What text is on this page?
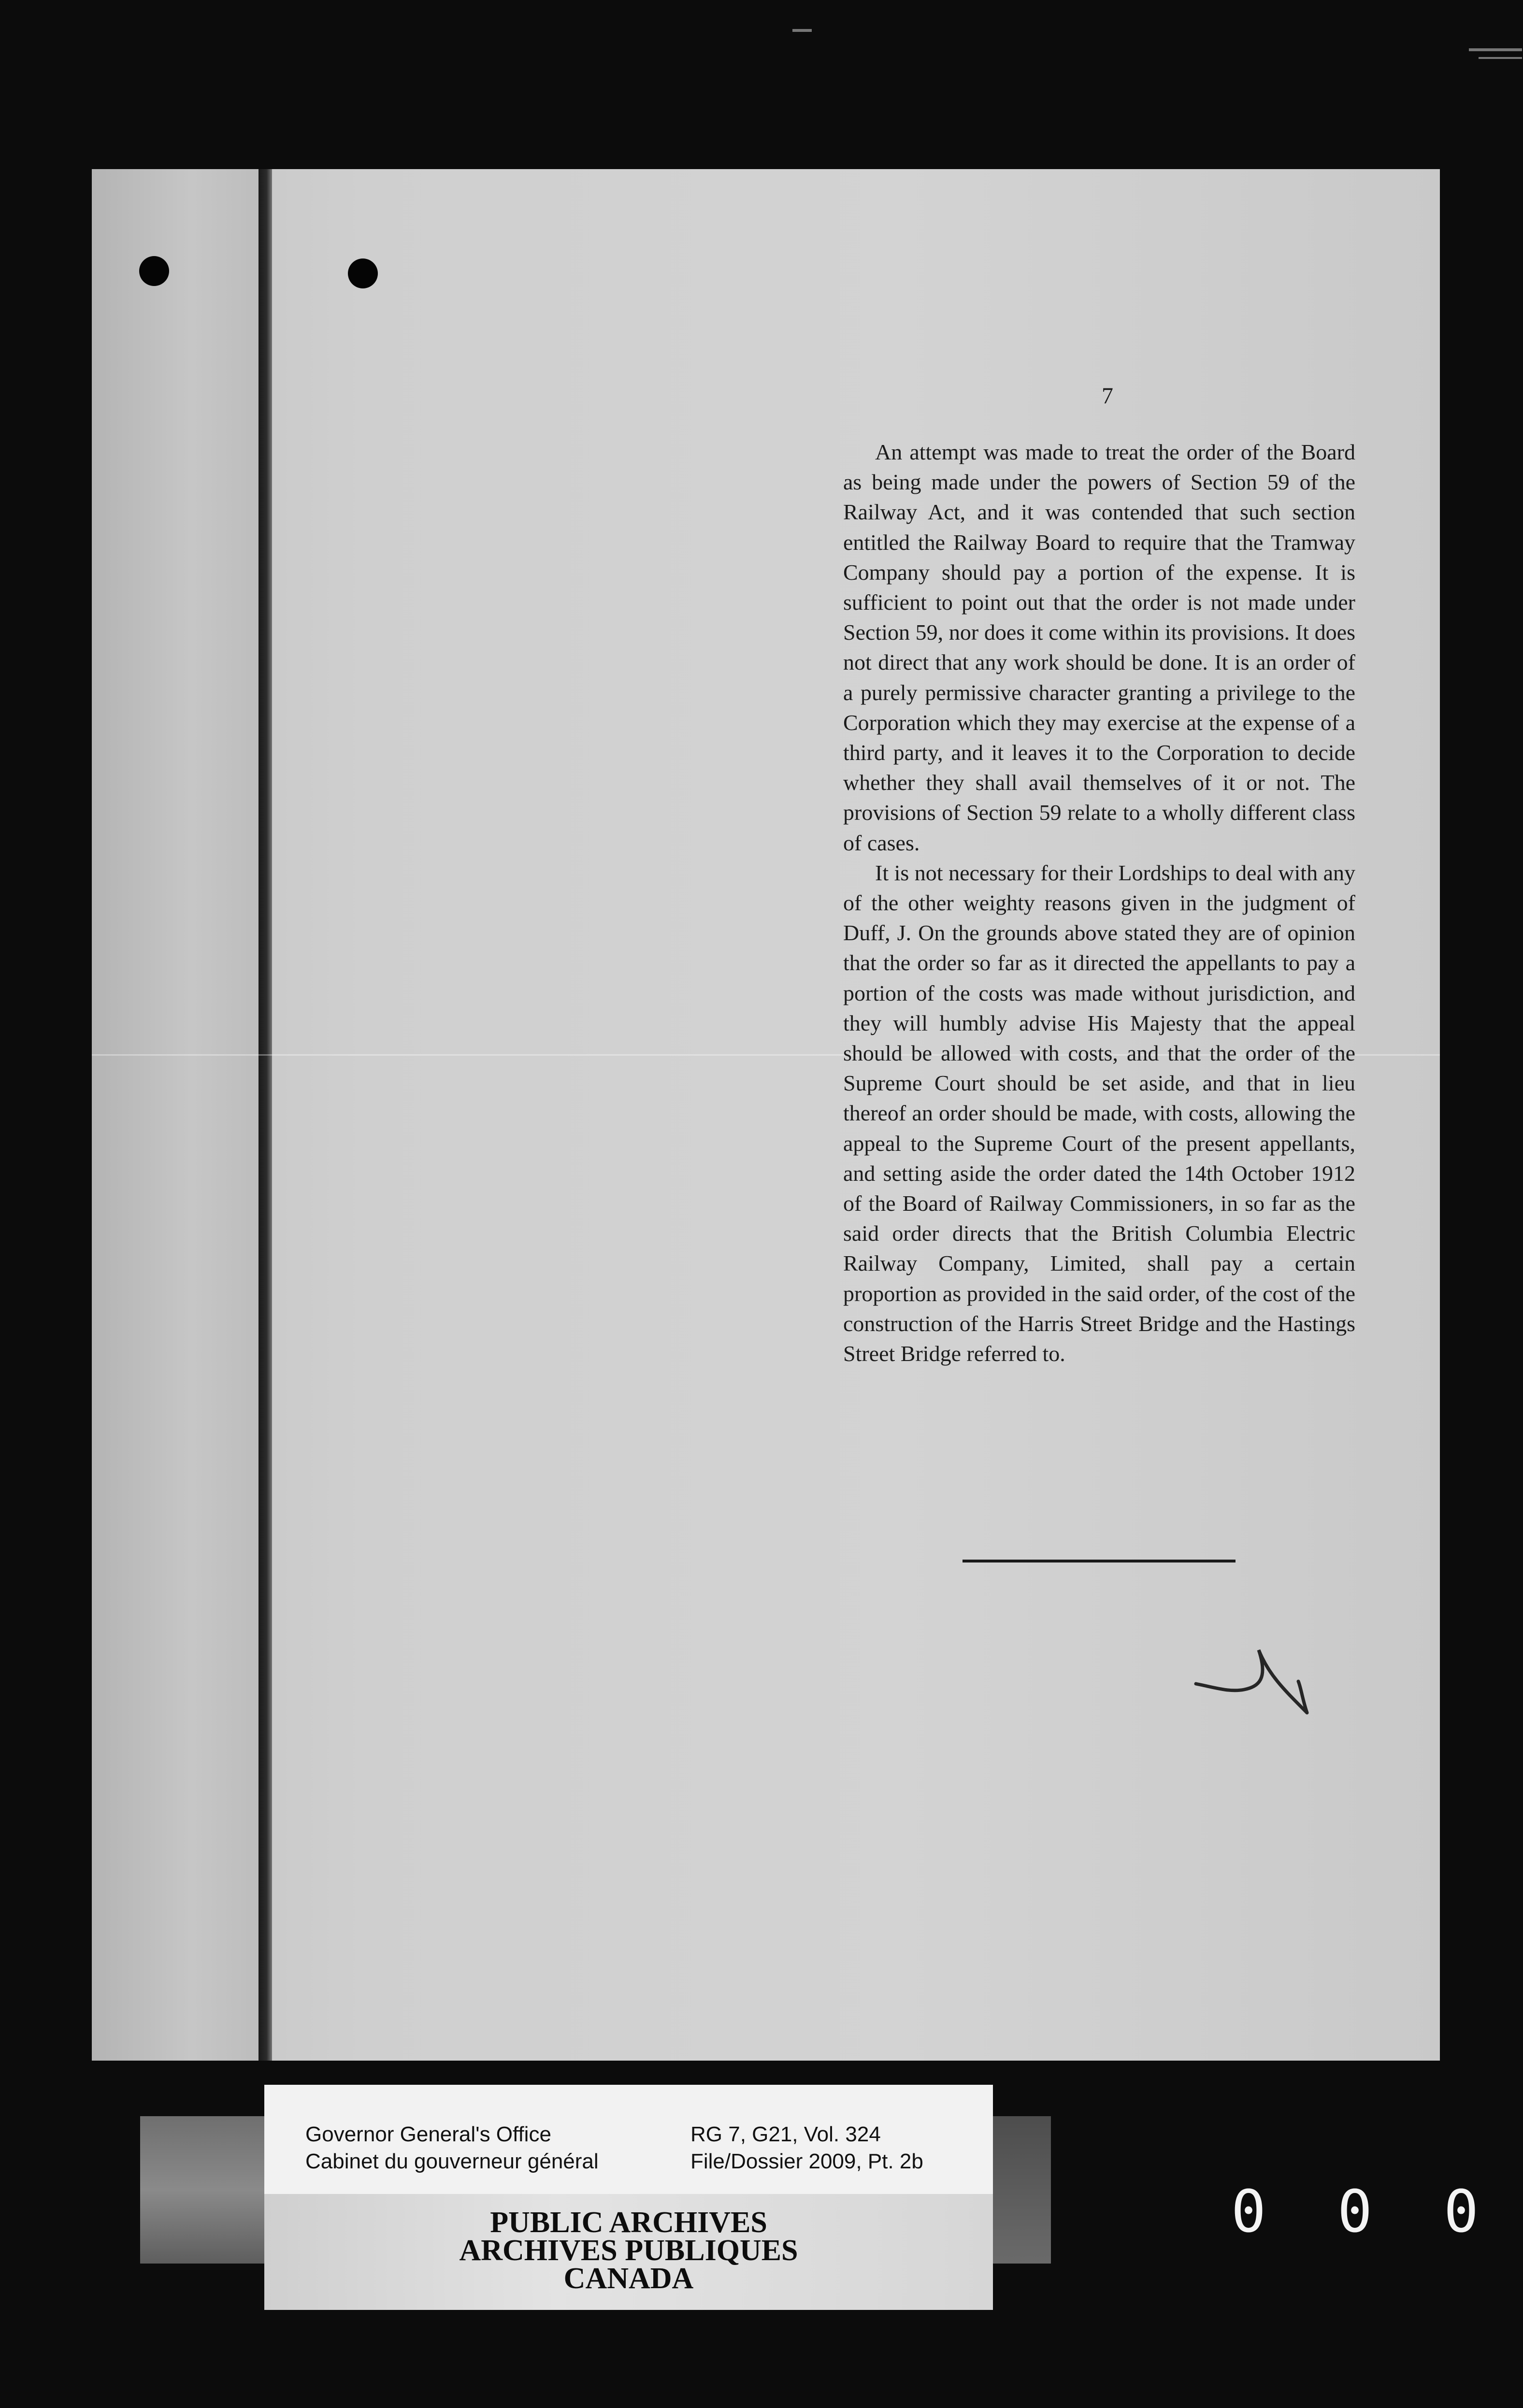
7

An attempt was made to treat the order of the Board as being made under the powers of Section 59 of the Railway Act, and it was contended that such section entitled the Railway Board to require that the Tramway Company should pay a portion of the expense. It is sufficient to point out that the order is not made under Section 59, nor does it come within its provisions. It does not direct that any work should be done. It is an order of a purely permissive character granting a privilege to the Corporation which they may exercise at the expense of a third party, and it leaves it to the Corporation to decide whether they shall avail themselves of it or not. The provisions of Section 59 relate to a wholly different class of cases.

It is not necessary for their Lordships to deal with any of the other weighty reasons given in the judgment of Duff, J. On the grounds above stated they are of opinion that the order so far as it directed the appellants to pay a portion of the costs was made without jurisdiction, and they will humbly advise His Majesty that the appeal should be allowed with costs, and that the order of the Supreme Court should be set aside, and that in lieu thereof an order should be made, with costs, allowing the appeal to the Supreme Court of the present appellants, and setting aside the order dated the 14th October 1912 of the Board of Railway Commissioners, in so far as the said order directs that the British Columbia Electric Railway Company, Limited, shall pay a certain proportion as provided in the said order, of the cost of the construction of the Harris Street Bridge and the Hastings Street Bridge referred to.

Governor General's Office
Cabinet du gouverneur général
RG 7, G21, Vol. 324
File/Dossier 2009, Pt. 2b
PUBLIC ARCHIVES
ARCHIVES PUBLIQUES
CANADA
0 0 0
